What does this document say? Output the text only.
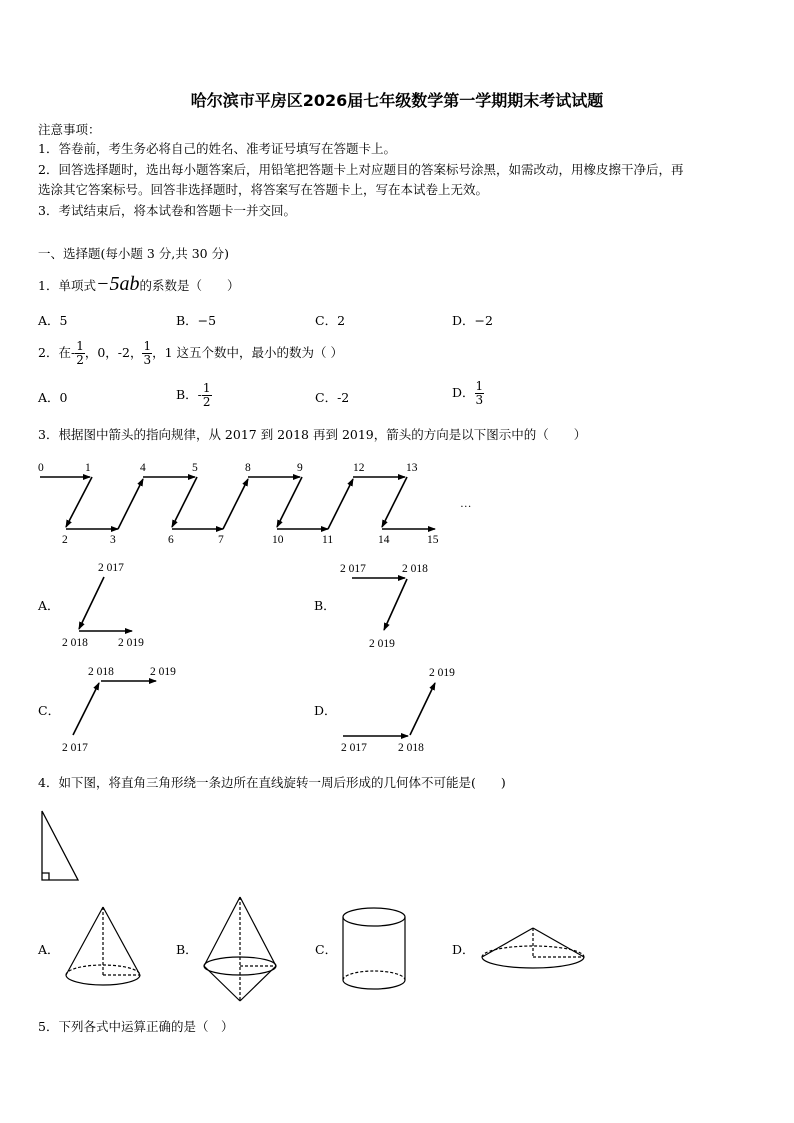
哈尔滨市平房区2026届七年级数学第一学期期末考试试题
注意事项：
1．答卷前，考生务必将自己的姓名、准考证号填写在答题卡上。
2．回答选择题时，选出每小题答案后，用铅笔把答题卡上对应题目的答案标号涂黑，如需改动，用橡皮擦干净后，再
选涂其它答案标号。回答非选择题时，将答案写在答题卡上，写在本试卷上无效。
3．考试结束后，将本试卷和答题卡一并交回。
一、选择题(每小题 3 分,共 30 分)
1．单项式−5ab的系数是（　　）
A．5	B．−5	C．2	D．−2
2．在- $\frac{1}{2}$ ，0，-2， $\frac{1}{3}$ ，1 这五个数中，最小的数为（ ）
A．0	B．- $\frac{1}{2}$	C．-2	D． $\frac{1}{3}$
3．根据图中箭头的指向规律，从 2017 到 2018 再到 2019，箭头的方向是以下图示中的（　　）
0	1	4	5	8	9	12	13
2	3	6	7	10	11	14	15
…
2 017
2 018	2 019
2 017	2 018
2 019
2 018	2 019
2 017
2 019
2 017	2 018
A．	B．
C．	D．
4．如下图，将直角三角形绕一条边所在直线旋转一周后形成的几何体不可能是(　　)
A．	B．	C．	D．
5．下列各式中运算正确的是（　）
